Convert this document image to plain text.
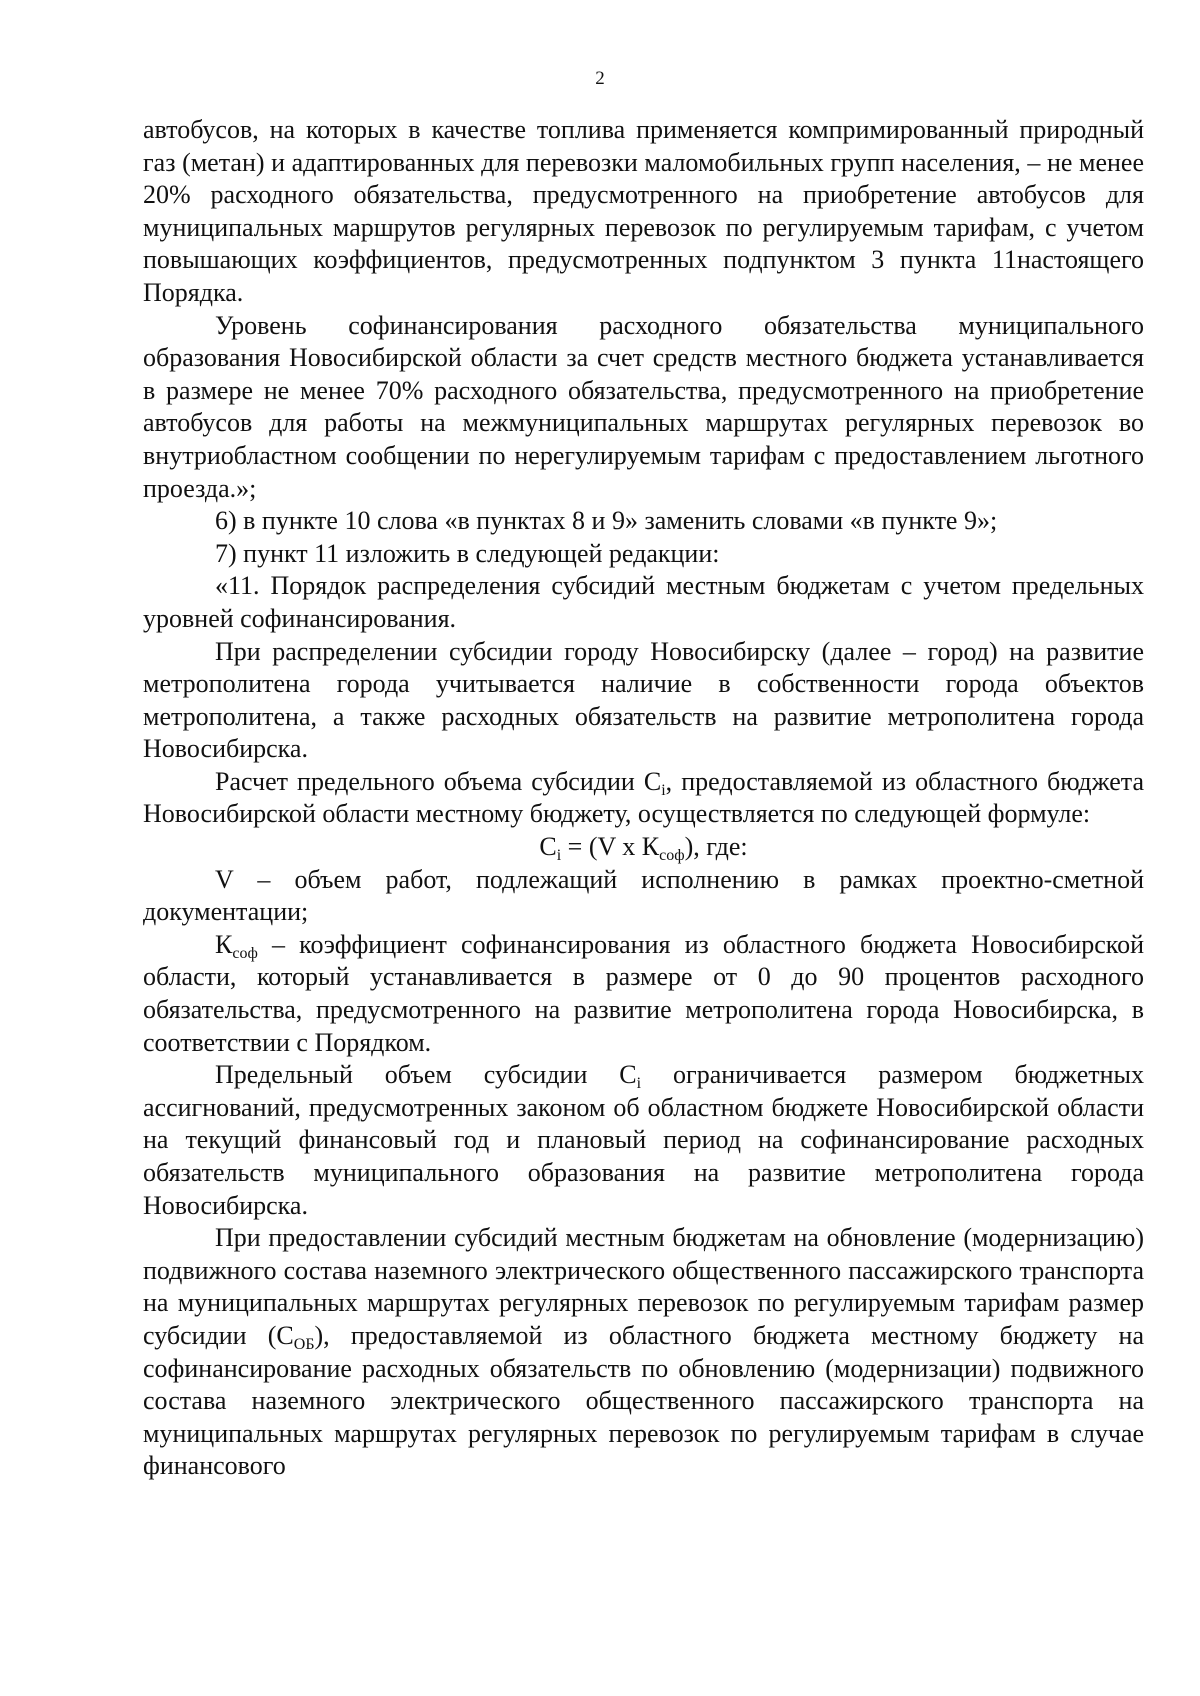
2

автобусов, на которых в качестве топлива применяется компримированный природный газ (метан) и адаптированных для перевозки маломобильных групп населения, – не менее 20% расходного обязательства, предусмотренного на приобретение автобусов для муниципальных маршрутов регулярных перевозок по регулируемым тарифам, с учетом повышающих коэффициентов, предусмотренных подпунктом 3 пункта 11настоящего Порядка.

Уровень софинансирования расходного обязательства муниципального образования Новосибирской области за счет средств местного бюджета устанавливается в размере не менее 70% расходного обязательства, предусмотренного на приобретение автобусов для работы на межмуниципальных маршрутах регулярных перевозок во внутриобластном сообщении по нерегулируемым тарифам с предоставлением льготного проезда.»;

6) в пункте 10 слова «в пунктах 8 и 9» заменить словами «в пункте 9»;

7) пункт 11 изложить в следующей редакции:

«11. Порядок распределения субсидий местным бюджетам с учетом предельных уровней софинансирования.

При распределении субсидии городу Новосибирску (далее – город) на развитие метрополитена города учитывается наличие в собственности города объектов метрополитена, а также расходных обязательств на развитие метрополитена города Новосибирска.

Расчет предельного объема субсидии $С_i$, предоставляемой из областного бюджета Новосибирской области местному бюджету, осуществляется по следующей формуле:

$С_i = (V$ х $К_{соф}$), где:

V – объем работ, подлежащий исполнению в рамках проектно-сметной документации;

$К_{соф}$ – коэффициент софинансирования из областного бюджета Новосибирской области, который устанавливается в размере от 0 до 90 процентов расходного обязательства, предусмотренного на развитие метрополитена города Новосибирска, в соответствии с Порядком.

Предельный объем субсидии $С_i$ ограничивается размером бюджетных ассигнований, предусмотренных законом об областном бюджете Новосибирской области на текущий финансовый год и плановый период на софинансирование расходных обязательств муниципального образования на развитие метрополитена города Новосибирска.

При предоставлении субсидий местным бюджетам на обновление (модернизацию) подвижного состава наземного электрического общественного пассажирского транспорта на муниципальных маршрутах регулярных перевозок по регулируемым тарифам размер субсидии $(С_{ОБ})$, предоставляемой из областного бюджета местному бюджету на софинансирование расходных обязательств по обновлению (модернизации) подвижного состава наземного электрического общественного пассажирского транспорта на муниципальных маршрутах регулярных перевозок по регулируемым тарифам в случае финансового
